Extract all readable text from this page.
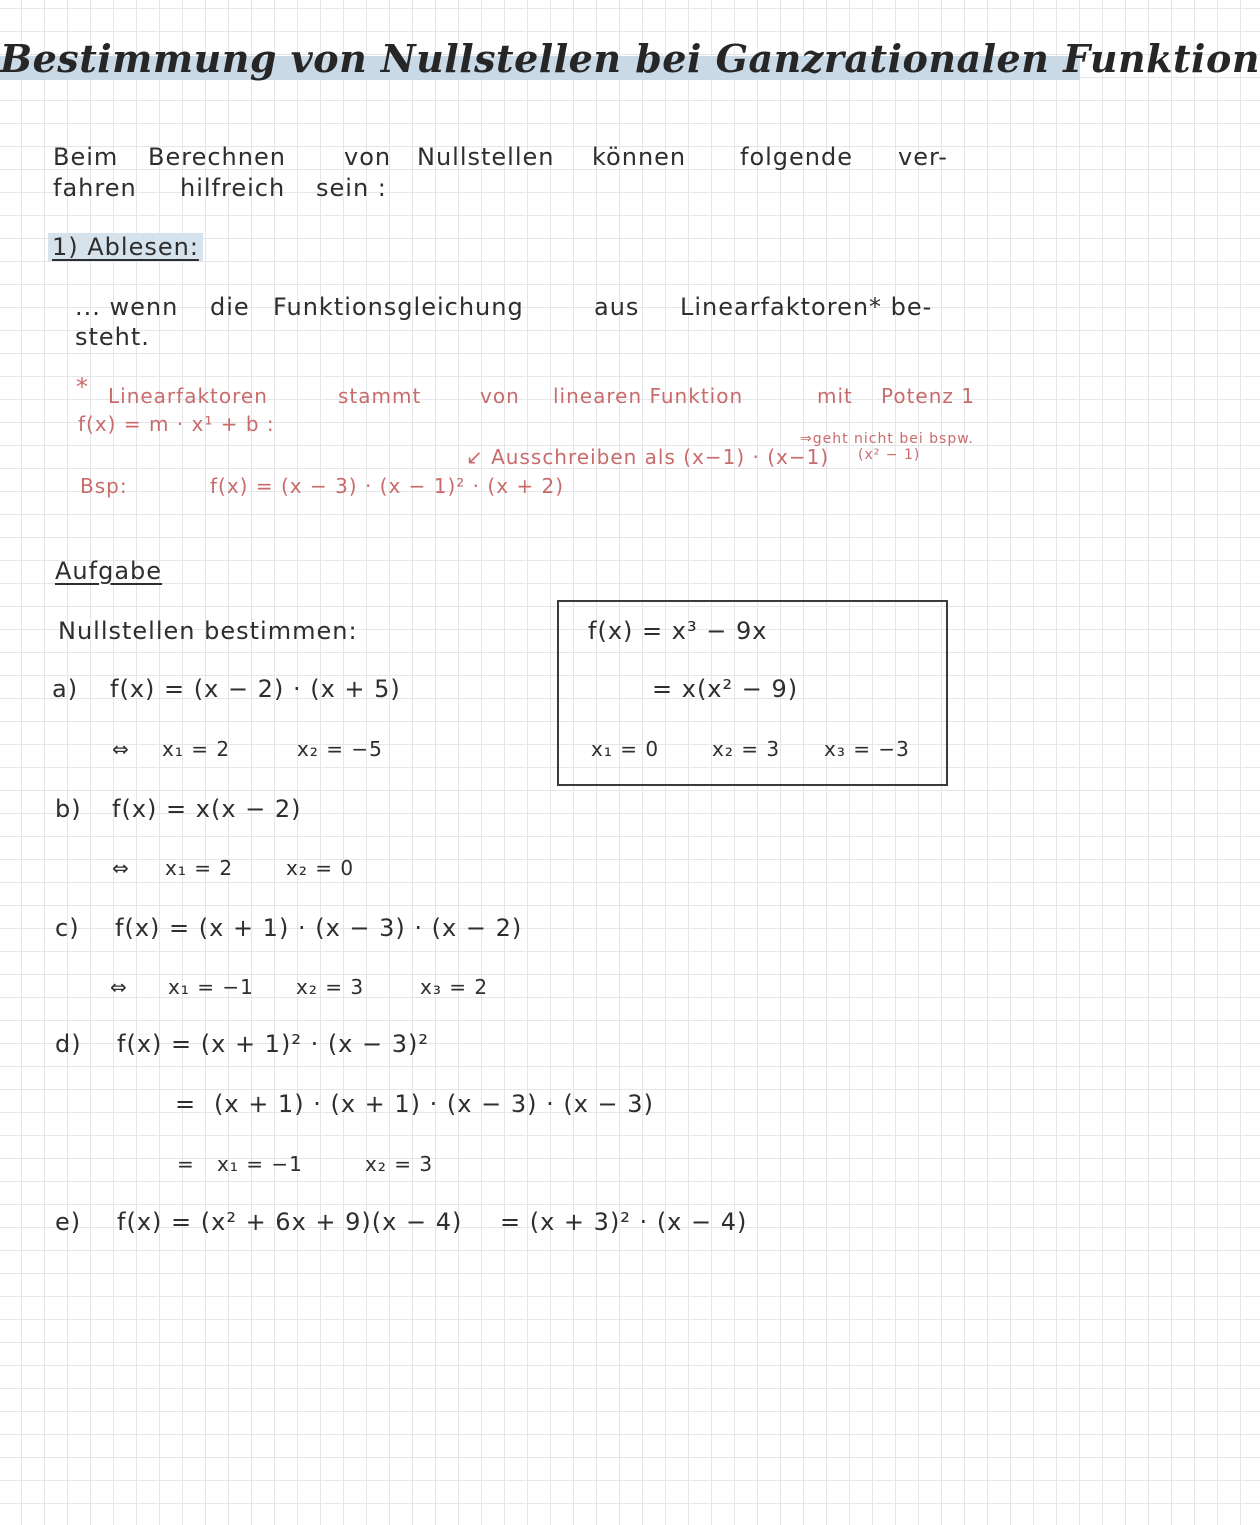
Bestimmung von Nullstellen bei Ganzrationalen Funktion
Beim Berechnen von Nullstellen können folgende ver-
fahren hilfreich sein :
1) Ablesen:
... wenn die Funktionsgleichung	aus Linearfaktoren* be-
steht.
* Linearfaktoren	stammt	von linearen Funktion	mit Potenz 1
f(x) = m · x¹ + b :
↙ Ausschreiben als (x−1) · (x−1)
⇒geht nicht bei bspw.
(x² − 1)
Bsp:	f(x) = (x − 3) · (x − 1)² · (x + 2)
Aufgabe
Nullstellen bestimmen:
a) f(x) = (x − 2) · (x + 5)
⇔ x₁ = 2	x₂ = −5
b) f(x) = x(x − 2)
⇔ x₁ = 2	x₂ = 0
c) f(x) = (x + 1) · (x − 3) · (x − 2)
⇔ x₁ = −1 x₂ = 3	x₃ = 2
d) f(x) = (x + 1)² · (x − 3)²
= (x + 1) · (x + 1) · (x − 3) · (x − 3)
= x₁ = −1	x₂ = 3
e) f(x) = (x² + 6x + 9)(x − 4) = (x + 3)² · (x − 4)
f(x) = x³ − 9x
= x(x² − 9)
x₁ = 0	x₂ = 3 x₃ = −3
